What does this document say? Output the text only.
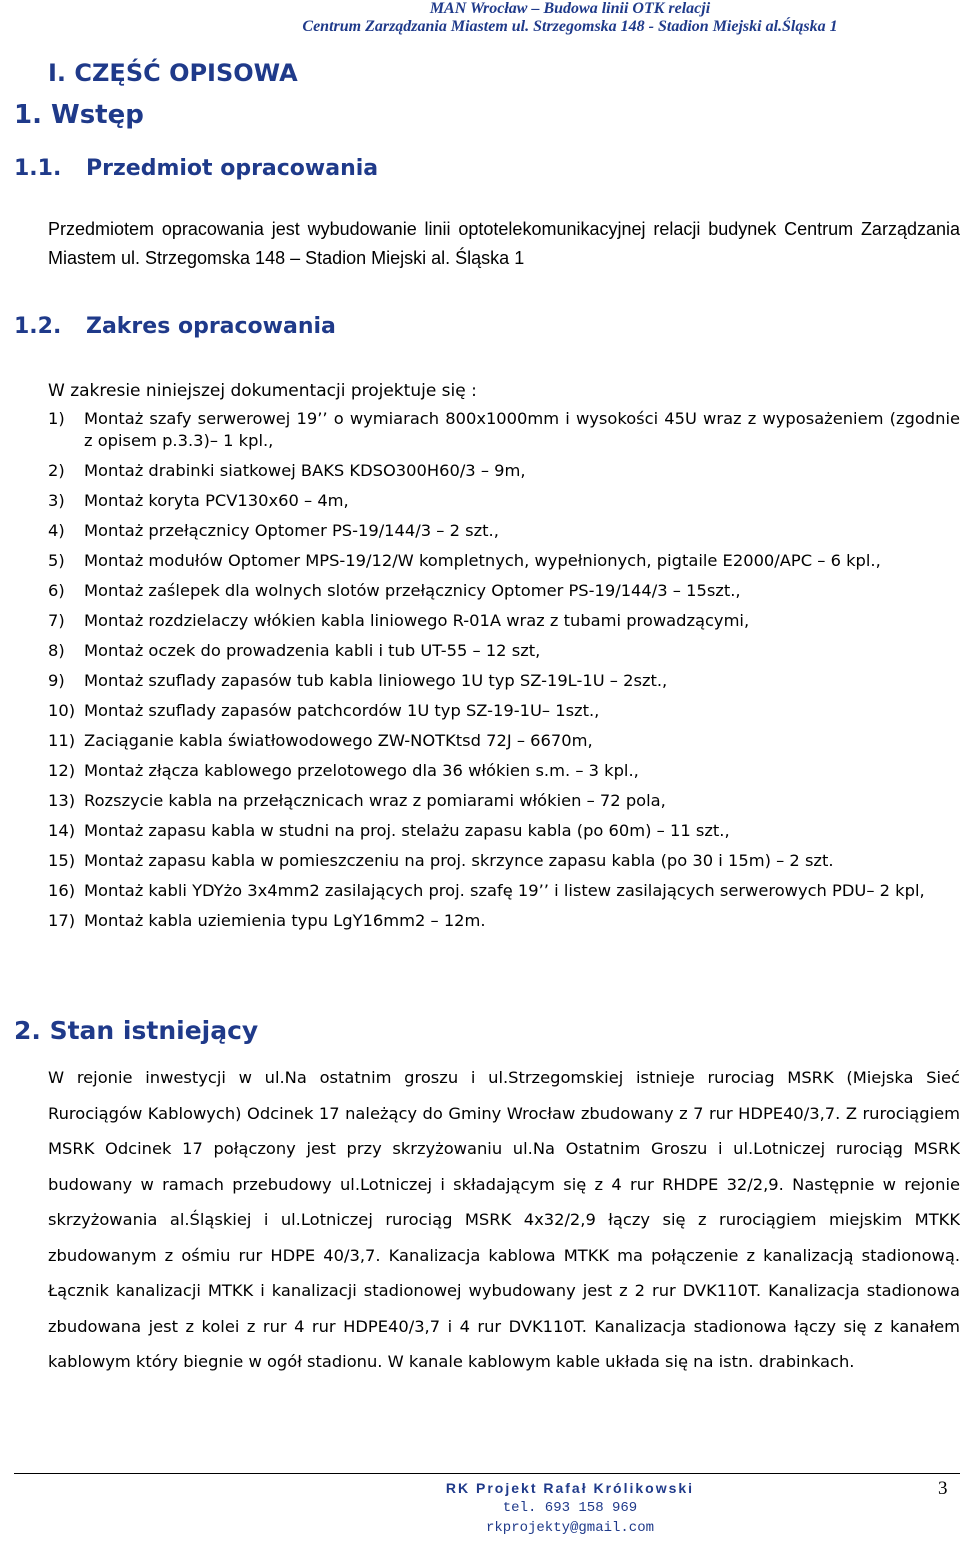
MAN Wrocław – Budowa linii OTK relacji
Centrum Zarządzania Miastem ul. Strzegomska 148 - Stadion Miejski al.Śląska 1
I. CZĘŚĆ OPISOWA
1. Wstęp
1.1. Przedmiot opracowania

Przedmiotem opracowania jest wybudowanie linii optotelekomunikacyjnej relacji budynek Centrum Zarządzania Miastem ul. Strzegomska 148 – Stadion Miejski al. Śląska 1

1.2. Zakres opracowania

W zakresie niniejszej dokumentacji projektuje się :

1)	Montaż szafy serwerowej 19’’ o wymiarach 800x1000mm i wysokości 45U wraz z wyposażeniem (zgodnie z opisem p.3.3)– 1 kpl.,
2)	Montaż drabinki siatkowej BAKS KDSO300H60/3 – 9m,
3)	Montaż koryta PCV130x60 – 4m,
4)	Montaż przełącznicy Optomer PS-19/144/3 – 2 szt.,
5)	Montaż modułów Optomer MPS-19/12/W kompletnych, wypełnionych, pigtaile E2000/APC – 6 kpl.,
6)	Montaż zaślepek dla wolnych slotów przełącznicy Optomer PS-19/144/3 – 15szt.,
7)	Montaż rozdzielaczy włókien kabla liniowego R-01A wraz z tubami prowadzącymi,
8)	Montaż oczek do prowadzenia kabli i tub UT-55 – 12 szt,
9)	Montaż szuflady zapasów tub kabla liniowego 1U typ SZ-19L-1U – 2szt.,
10) Montaż szuflady zapasów patchcordów 1U typ SZ-19-1U– 1szt.,
11) Zaciąganie kabla światłowodowego ZW-NOTKtsd 72J – 6670m,
12) Montaż złącza kablowego przelotowego dla 36 włókien s.m. – 3 kpl.,
13) Rozszycie kabla na przełącznicach wraz z pomiarami włókien – 72 pola,
14) Montaż zapasu kabla w studni na proj. stelażu zapasu kabla (po 60m) – 11 szt.,
15) Montaż zapasu kabla w pomieszczeniu na proj. skrzynce zapasu kabla (po 30 i 15m) – 2 szt.
16) Montaż kabli YDYżo 3x4mm2 zasilających proj. szafę 19’’ i listew zasilających serwerowych PDU– 2 kpl,
17) Montaż kabla uziemienia typu LgY16mm2 – 12m.
2. Stan istniejący

W rejonie inwestycji w ul.Na ostatnim groszu i ul.Strzegomskiej istnieje rurociag MSRK (Miejska Sieć Rurociągów Kablowych) Odcinek 17 należący do Gminy Wrocław zbudowany z 7 rur HDPE40/3,7. Z rurociągiem MSRK Odcinek 17 połączony jest przy skrzyżowaniu ul.Na Ostatnim Groszu i ul.Lotniczej rurociąg MSRK budowany w ramach przebudowy ul.Lotniczej i składającym się z 4 rur RHDPE 32/2,9. Następnie w rejonie skrzyżowania al.Śląskiej i ul.Lotniczej rurociąg MSRK 4x32/2,9 łączy się z rurociągiem miejskim MTKK zbudowanym z ośmiu rur HDPE 40/3,7. Kanalizacja kablowa MTKK ma połączenie z kanalizacją stadionową. Łącznik kanalizacji MTKK i kanalizacji stadionowej wybudowany jest z 2 rur DVK110T. Kanalizacja stadionowa zbudowana jest z kolei z rur 4 rur HDPE40/3,7 i 4 rur DVK110T. Kanalizacja stadionowa łączy się z kanałem kablowym który biegnie w ogół stadionu. W kanale kablowym kable układa się na istn. drabinkach.

RK Projekt Rafał Królikowski
tel. 693 158 969
rkprojekty@gmail.com
3
